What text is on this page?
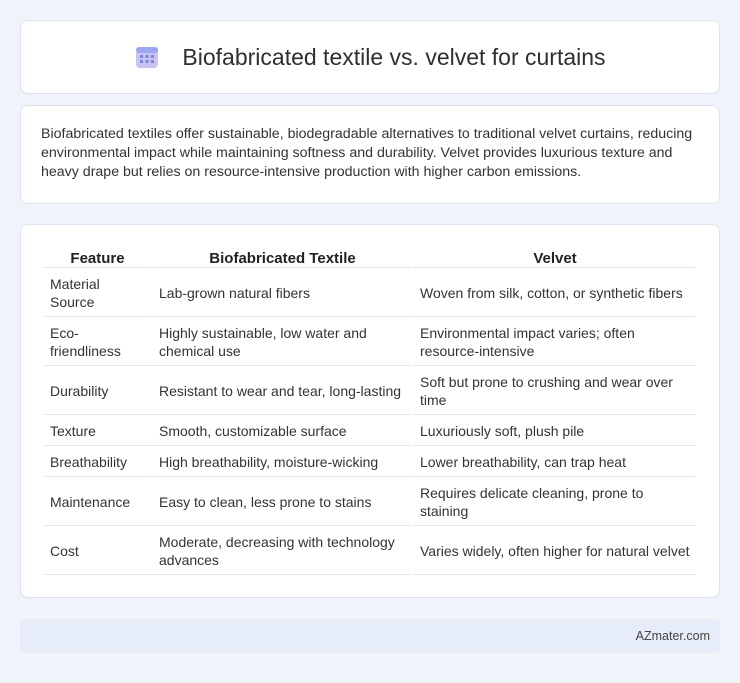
Biofabricated textile vs. velvet for curtains

Biofabricated textiles offer sustainable, biodegradable alternatives to traditional velvet curtains, reducing environmental impact while maintaining softness and durability. Velvet provides luxurious texture and heavy drape but relies on resource-intensive production with higher carbon emissions.

Feature	Biofabricated Textile	Velvet
Material Source	Lab-grown natural fibers	Woven from silk, cotton, or synthetic fibers
Eco-friendliness	Highly sustainable, low water and chemical use	Environmental impact varies; often resource-intensive
Durability	Resistant to wear and tear, long-lasting	Soft but prone to crushing and wear over time
Texture	Smooth, customizable surface	Luxuriously soft, plush pile
Breathability	High breathability, moisture-wicking	Lower breathability, can trap heat
Maintenance	Easy to clean, less prone to stains	Requires delicate cleaning, prone to staining
Cost	Moderate, decreasing with technology advances	Varies widely, often higher for natural velvet
AZmater.com
